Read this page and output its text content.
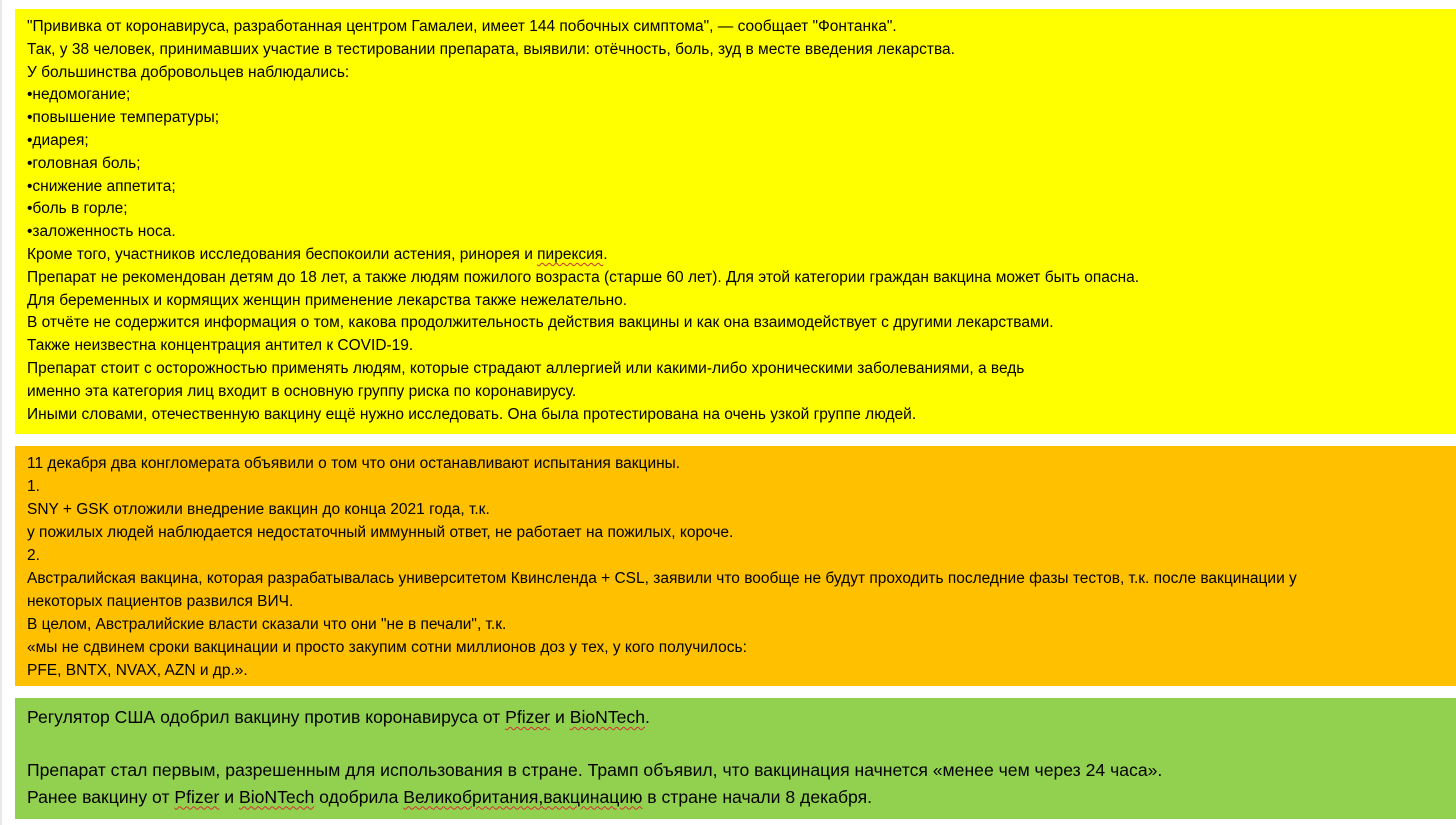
"Прививка от коронавируса, разработанная центром Гамалеи, имеет 144 побочных симптома", — сообщает "Фонтанка".
Так, у 38 человек, принимавших участие в тестировании препарата, выявили: отёчность, боль, зуд в месте введения лекарства.
У большинства добровольцев наблюдались:
•недомогание;
•повышение температуры;
•диарея;
•головная боль;
•снижение аппетита;
•боль в горле;
•заложенность носа.
Кроме того, участников исследования беспокоили астения, ринорея и пирексия.
Препарат не рекомендован детям до 18 лет, а также людям пожилого возраста (старше 60 лет). Для этой категории граждан вакцина может быть опасна.
Для беременных и кормящих женщин применение лекарства также нежелательно.
В отчёте не содержится информация о том, какова продолжительность действия вакцины и как она взаимодействует с другими лекарствами.
Также неизвестна концентрация антител к COVID-19.
Препарат стоит с осторожностью применять людям, которые страдают аллергией или какими-либо хроническими заболеваниями, а ведь
именно эта категория лиц входит в основную группу риска по коронавирусу.
Иными словами, отечественную вакцину ещё нужно исследовать. Она была протестирована на очень узкой группе людей.
11 декабря два конгломерата объявили о том что они останавливают испытания вакцины.
1.
SNY + GSK отложили внедрение вакцин до конца 2021 года, т.к.
у пожилых людей наблюдается недостаточный иммунный ответ, не работает на пожилых, короче.
2.
Австралийская вакцина, которая разрабатывалась университетом Квинсленда + CSL, заявили что вообще не будут проходить последние фазы тестов, т.к. после вакцинации у
некоторых пациентов развился ВИЧ.
В целом, Австралийские власти сказали что они "не в печали", т.к.
«мы не сдвинем сроки вакцинации и просто закупим сотни миллионов доз у тех, у кого получилось:
PFE, BNTX, NVAX, AZN и др.».
Регулятор США одобрил вакцину против коронавируса от Pfizer и BioNTech.
Препарат стал первым, разрешенным для использования в стране. Трамп объявил, что вакцинация начнется «менее чем через 24 часа».
Ранее вакцину от Pfizer и BioNTech одобрила Великобритания,вакцинацию в стране начали 8 декабря.
